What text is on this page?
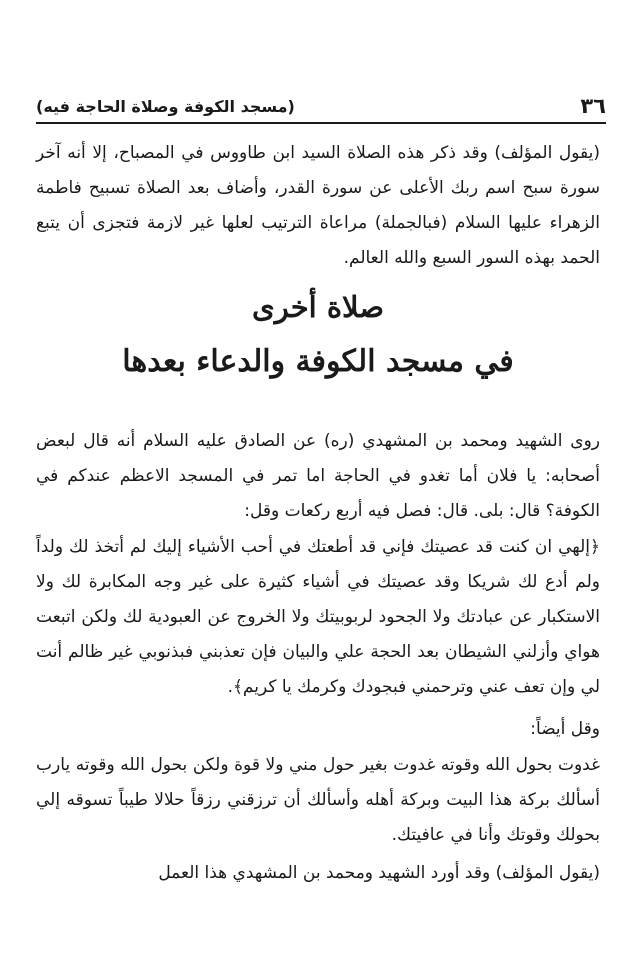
٣٦
(مسجد الكوفة وصلاة الحاجة فيه)

(يقول المؤلف) وقد ذكر هذه الصلاة السيد ابن طاووس في المصباح، إلا أنه آخر سورة سبح اسم ربك الأعلى عن سورة القدر، وأضاف بعد الصلاة تسبيح فاطمة الزهراء عليها السلام (فبالجملة) مراعاة الترتيب لعلها غير لازمة فتجزى أن يتبع الحمد بهذه السور السبع والله العالم.

صلاة أخرى
في مسجد الكوفة والدعاء بعدها

روى الشهيد ومحمد بن المشهدي (ره) عن الصادق عليه السلام أنه قال لبعض أصحابه: يا فلان أما تغدو في الحاجة اما تمر في المسجد الاعظم عندكم في الكوفة؟ قال: بلى. قال: فصل فيه أربع ركعات وقل:

﴿إلهي ان كنت قد عصيتك فإني قد أطعتك في أحب الأشياء إليك لم أتخذ لك ولداً ولم أدع لك شريكا وقد عصيتك في أشياء كثيرة على غير وجه المكابرة لك ولا الاستكبار عن عبادتك ولا الجحود لربوبيتك ولا الخروج عن العبودية لك ولكن اتبعت هواي وأزلني الشيطان بعد الحجة علي والبيان فإن تعذبني فبذنوبي غير ظالم أنت لي وإن تعف عني وترحمني فبجودك وكرمك يا كريم﴾.

وقل أيضاً:

غدوت بحول الله وقوته غدوت بغير حول مني ولا قوة ولكن بحول الله وقوته يارب أسألك بركة هذا البيت وبركة أهله وأسألك أن ترزقني رزقاً حلالا طيباً تسوقه إلي بحولك وقوتك وأنا في عافيتك.

(يقول المؤلف) وقد أورد الشهيد ومحمد بن المشهدي هذا العمل
